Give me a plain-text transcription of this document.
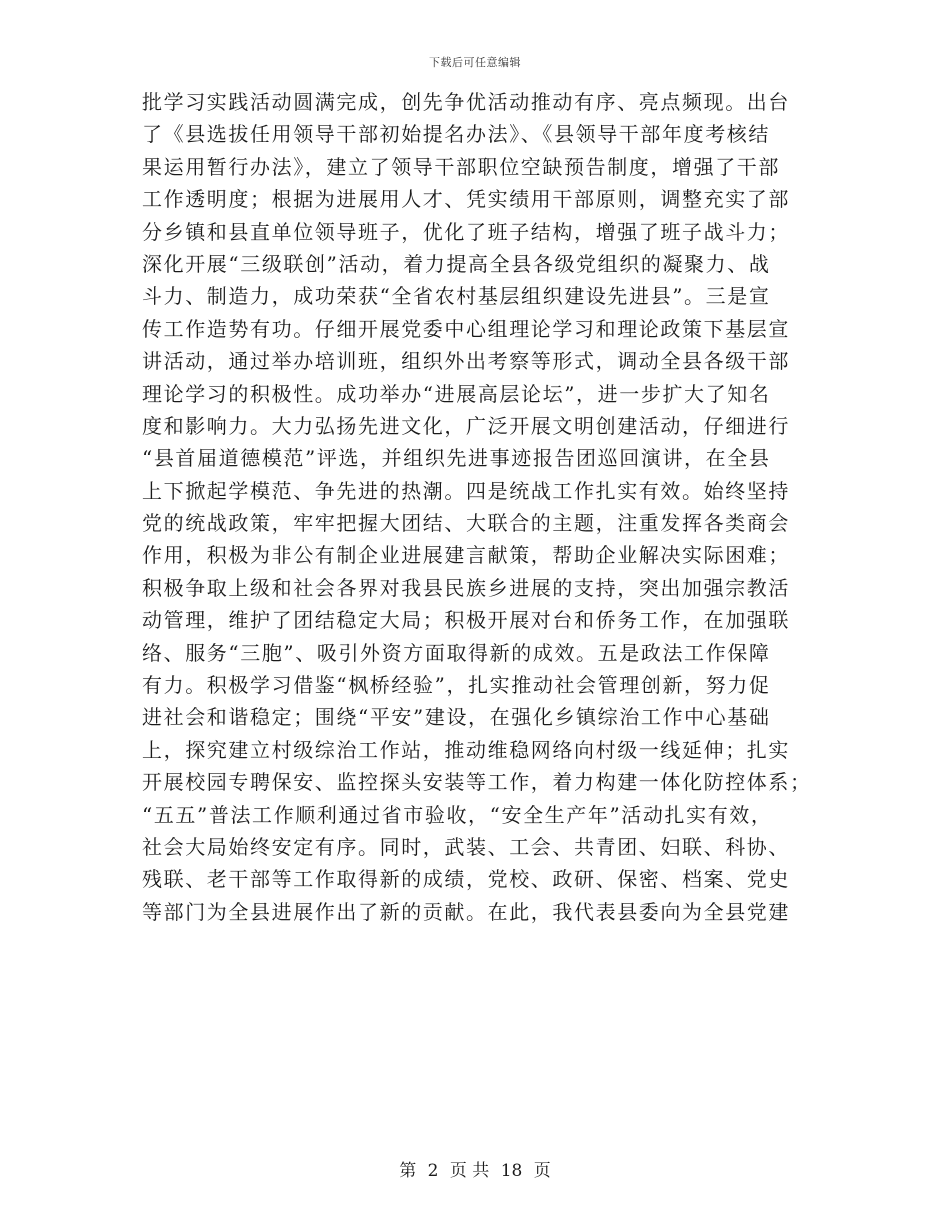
下载后可任意编辑
批学习实践活动圆满完成，创先争优活动推动有序、亮点频现。出台
了《县选拔任用领导干部初始提名办法》、《县领导干部年度考核结
果运用暂行办法》，建立了领导干部职位空缺预告制度，增强了干部
工作透明度；根据为进展用人才、凭实绩用干部原则，调整充实了部
分乡镇和县直单位领导班子，优化了班子结构，增强了班子战斗力；
深化开展“三级联创”活动，着力提高全县各级党组织的凝聚力、战
斗力、制造力，成功荣获“全省农村基层组织建设先进县”。三是宣
传工作造势有功。仔细开展党委中心组理论学习和理论政策下基层宣
讲活动，通过举办培训班，组织外出考察等形式，调动全县各级干部
理论学习的积极性。成功举办“进展高层论坛”，进一步扩大了知名
度和影响力。大力弘扬先进文化，广泛开展文明创建活动，仔细进行
“县首届道德模范”评选，并组织先进事迹报告团巡回演讲，在全县
上下掀起学模范、争先进的热潮。四是统战工作扎实有效。始终坚持
党的统战政策，牢牢把握大团结、大联合的主题，注重发挥各类商会
作用，积极为非公有制企业进展建言献策，帮助企业解决实际困难；
积极争取上级和社会各界对我县民族乡进展的支持，突出加强宗教活
动管理，维护了团结稳定大局；积极开展对台和侨务工作，在加强联
络、服务“三胞”、吸引外资方面取得新的成效。五是政法工作保障
有力。积极学习借鉴“枫桥经验”，扎实推动社会管理创新，努力促
进社会和谐稳定；围绕“平安”建设，在强化乡镇综治工作中心基础
上，探究建立村级综治工作站，推动维稳网络向村级一线延伸；扎实
开展校园专聘保安、监控探头安装等工作，着力构建一体化防控体系；
“五五”普法工作顺利通过省市验收，“安全生产年”活动扎实有效，
社会大局始终安定有序。同时，武装、工会、共青团、妇联、科协、
残联、老干部等工作取得新的成绩，党校、政研、保密、档案、党史
等部门为全县进展作出了新的贡献。在此，我代表县委向为全县党建
第 2 页 共 18 页
